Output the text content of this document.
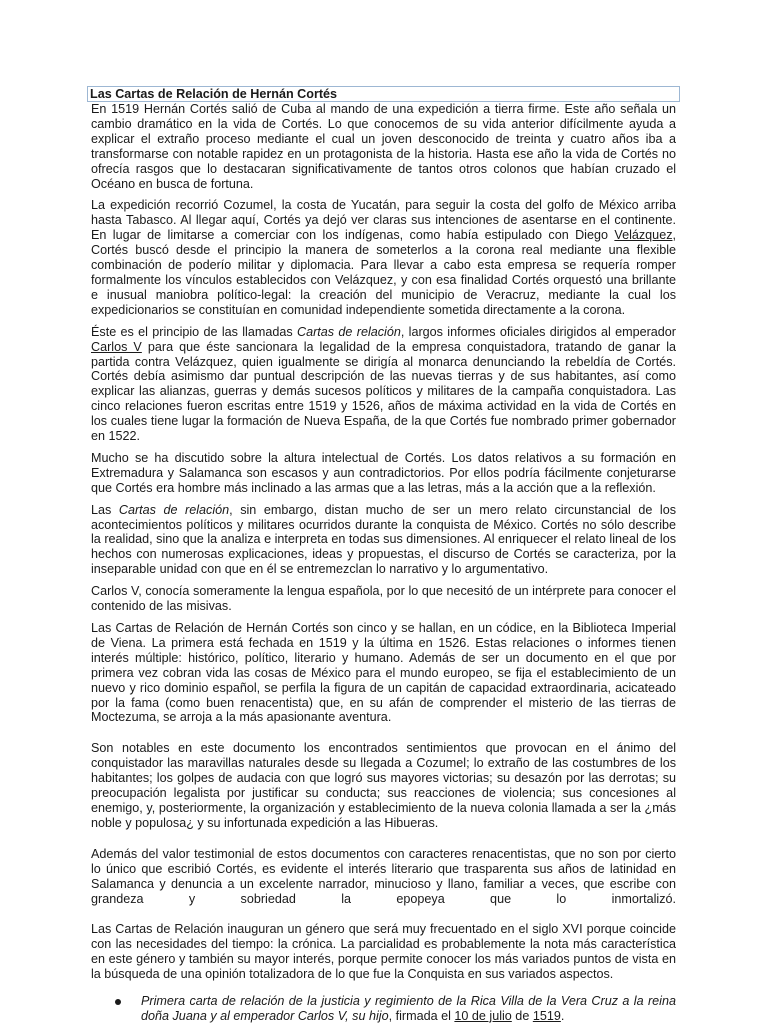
Las Cartas de Relación de Hernán Cortés

En 1519 Hernán Cortés salió de Cuba al mando de una expedición a tierra firme. Este año señala un cambio dramático en la vida de Cortés. Lo que conocemos de su vida anterior difícilmente ayuda a explicar el extraño proceso mediante el cual un joven desconocido de treinta y cuatro años iba a transformarse con notable rapidez en un protagonista de la historia. Hasta ese año la vida de Cortés no ofrecía rasgos que lo destacaran significativamente de tantos otros colonos que habían cruzado el Océano en busca de fortuna.

La expedición recorrió Cozumel, la costa de Yucatán, para seguir la costa del golfo de México arriba hasta Tabasco. Al llegar aquí, Cortés ya dejó ver claras sus intenciones de asentarse en el continente. En lugar de limitarse a comerciar con los indígenas, como había estipulado con Diego Velázquez, Cortés buscó desde el principio la manera de someterlos a la corona real mediante una flexible combinación de poderío militar y diplomacia. Para llevar a cabo esta empresa se requería romper formalmente los vínculos establecidos con Velázquez, y con esa finalidad Cortés orquestó una brillante e inusual maniobra político-legal: la creación del municipio de Veracruz, mediante la cual los expedicionarios se constituían en comunidad independiente sometida directamente a la corona.

Éste es el principio de las llamadas Cartas de relación, largos informes oficiales dirigidos al emperador Carlos V para que éste sancionara la legalidad de la empresa conquistadora, tratando de ganar la partida contra Velázquez, quien igualmente se dirigía al monarca denunciando la rebeldía de Cortés. Cortés debía asimismo dar puntual descripción de las nuevas tierras y de sus habitantes, así como explicar las alianzas, guerras y demás sucesos políticos y militares de la campaña conquistadora. Las cinco relaciones fueron escritas entre 1519 y 1526, años de máxima actividad en la vida de Cortés en los cuales tiene lugar la formación de Nueva España, de la que Cortés fue nombrado primer gobernador en 1522.

Mucho se ha discutido sobre la altura intelectual de Cortés. Los datos relativos a su formación en Extremadura y Salamanca son escasos y aun contradictorios. Por ellos podría fácilmente conjeturarse que Cortés era hombre más inclinado a las armas que a las letras, más a la acción que a la reflexión.

Las Cartas de relación, sin embargo, distan mucho de ser un mero relato circunstancial de los acontecimientos políticos y militares ocurridos durante la conquista de México. Cortés no sólo describe la realidad, sino que la analiza e interpreta en todas sus dimensiones. Al enriquecer el relato lineal de los hechos con numerosas explicaciones, ideas y propuestas, el discurso de Cortés se caracteriza, por la inseparable unidad con que en él se entremezclan lo narrativo y lo argumentativo.

Carlos V, conocía someramente la lengua española, por lo que necesitó de un intérprete para conocer el contenido de las misivas.

Las Cartas de Relación de Hernán Cortés son cinco y se hallan, en un códice, en la Biblioteca Imperial de Viena. La primera está fechada en 1519 y la última en 1526. Estas relaciones o informes tienen interés múltiple: histórico, político, literario y humano. Además de ser un documento en el que por primera vez cobran vida las cosas de México para el mundo europeo, se fija el establecimiento de un nuevo y rico dominio español, se perfila la figura de un capitán de capacidad extraordinaria, acicateado por la fama (como buen renacentista) que, en su afán de comprender el misterio de las tierras de Moctezuma, se arroja a la más apasionante aventura.

Son notables en este documento los encontrados sentimientos que provocan en el ánimo del conquistador las maravillas naturales desde su llegada a Cozumel; lo extraño de las costumbres de los habitantes; los golpes de audacia con que logró sus mayores victorias; su desazón por las derrotas; su preocupación legalista por justificar su conducta; sus reacciones de violencia; sus concesiones al enemigo, y, posteriormente, la organización y establecimiento de la nueva colonia llamada a ser la ¿más noble y populosa¿ y su infortunada expedición a las Hibueras.

Además del valor testimonial de estos documentos con caracteres renacentistas, que no son por cierto lo único que escribió Cortés, es evidente el interés literario que trasparenta sus años de latinidad en Salamanca y denuncia a un excelente narrador, minucioso y llano, familiar a veces, que escribe con grandeza y sobriedad la epopeya que lo inmortalizó.

Las Cartas de Relación inauguran un género que será muy frecuentado en el siglo XVI porque coincide con las necesidades del tiempo: la crónica. La parcialidad es probablemente la nota más característica en este género y también su mayor interés, porque permite conocer los más variados puntos de vista en la búsqueda de una opinión totalizadora de lo que fue la Conquista en sus variados aspectos.

Primera carta de relación de la justicia y regimiento de la Rica Villa de la Vera Cruz a la reina doña Juana y al emperador Carlos V, su hijo, firmada el 10 de julio de 1519.
